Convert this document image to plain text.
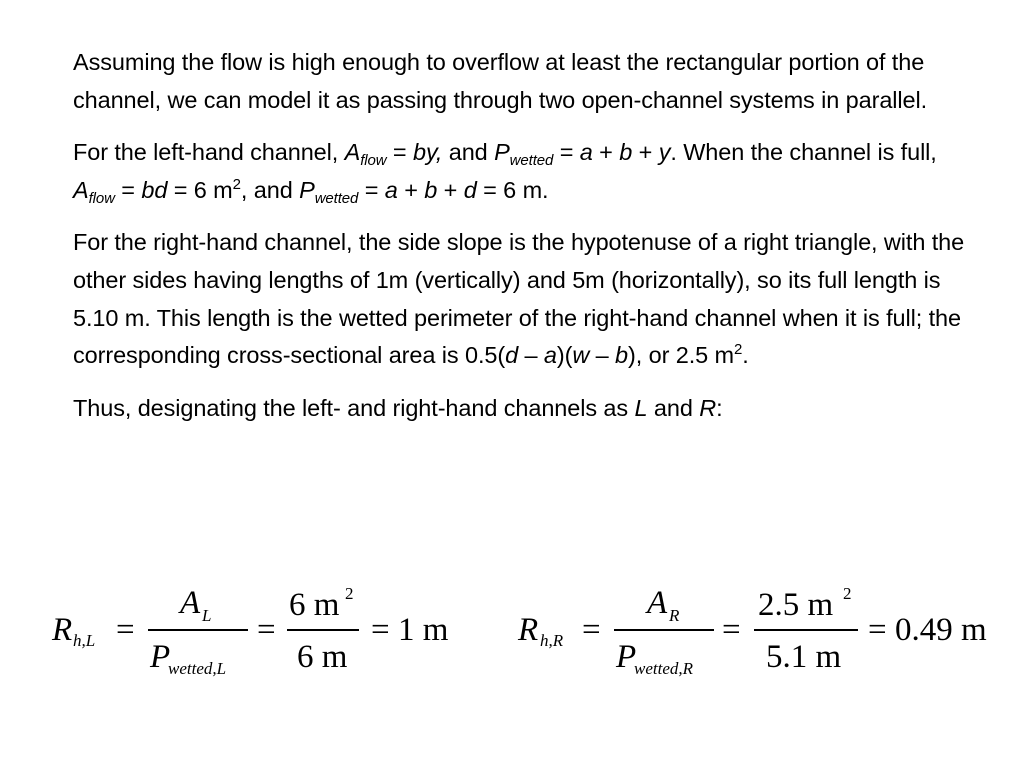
Assuming the flow is high enough to overflow at least the rectangular portion of the channel, we can model it as passing through two open-channel systems in parallel.

For the left-hand channel, $A_{flow}$ = by, and $P_{wetted} = a + b + y$. When the channel is full, $A_{flow}$ = bd = 6 $m^2$, and $P_{wetted} = a + b + d = 6$ m.

For the right-hand channel, the side slope is the hypotenuse of a right triangle, with the other sides having lengths of 1m (vertically) and 5m (horizontally), so its full length is 5.10 m. This length is the wetted perimeter of the right-hand channel when it is full; the corresponding cross-sectional area is 0.5(d – a)(w – b), or 2.5 $m^2$.

Thus, designating the left- and right-hand channels as L and R:

R h,L =
A L
P
wetted,L
=
6 m 2
6 m
= 1 m R h,R =
A R
P
wetted,R
=
2.5 m 2
5.1 m
= 0.49 m
